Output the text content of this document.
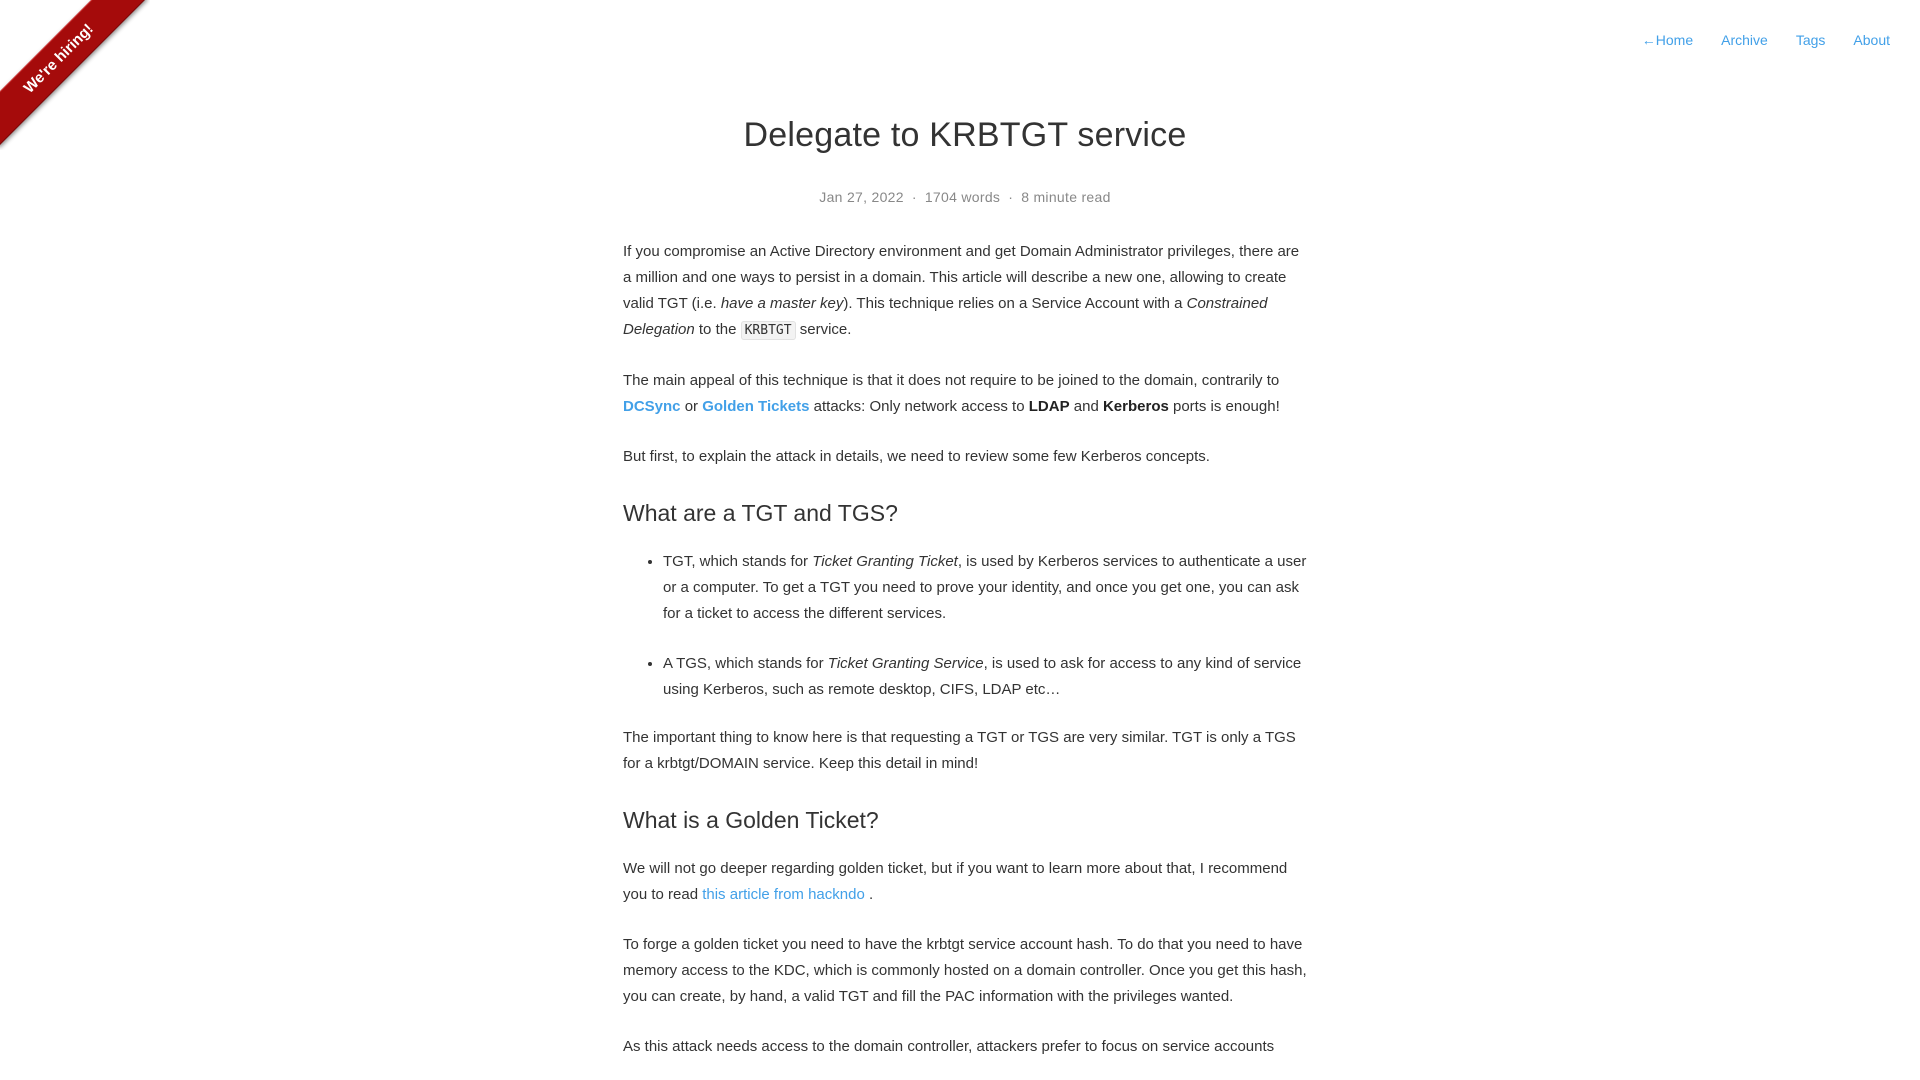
We're hiring!	←Home Archive Tags About
Delegate to KRBTGT service
Jan 27, 2022 · 1704 words · 8 minute read

If you compromise an Active Directory environment and get Domain Administrator privileges, there are a million and one ways to persist in a domain. This article will describe a new one, allowing to create valid TGT (i.e. have a master key). This technique relies on a Service Account with a Constrained Delegation to the KRBTGT service.

The main appeal of this technique is that it does not require to be joined to the domain, contrarily to DCSync or Golden Tickets attacks: Only network access to LDAP and Kerberos ports is enough!

But first, to explain the attack in details, we need to review some few Kerberos concepts.

What are a TGT and TGS?
• TGT, which stands for Ticket Granting Ticket, is used by Kerberos services to authenticate a user or a computer. To get a TGT you need to prove your identity, and once you get one, you can ask for a ticket to access the different services.
• A TGS, which stands for Ticket Granting Service, is used to ask for access to any kind of service using Kerberos, such as remote desktop, CIFS, LDAP etc…

The important thing to know here is that requesting a TGT or TGS are very similar. TGT is only a TGS for a krbtgt/DOMAIN service. Keep this detail in mind!

What is a Golden Ticket?

We will not go deeper regarding golden ticket, but if you want to learn more about that, I recommend you to read this article from hackndo .

To forge a golden ticket you need to have the krbtgt service account hash. To do that you need to have memory access to the KDC, which is commonly hosted on a domain controller. Once you get this hash, you can create, by hand, a valid TGT and fill the PAC information with the privileges wanted.

As this attack needs access to the domain controller, attackers prefer to focus on service accounts
